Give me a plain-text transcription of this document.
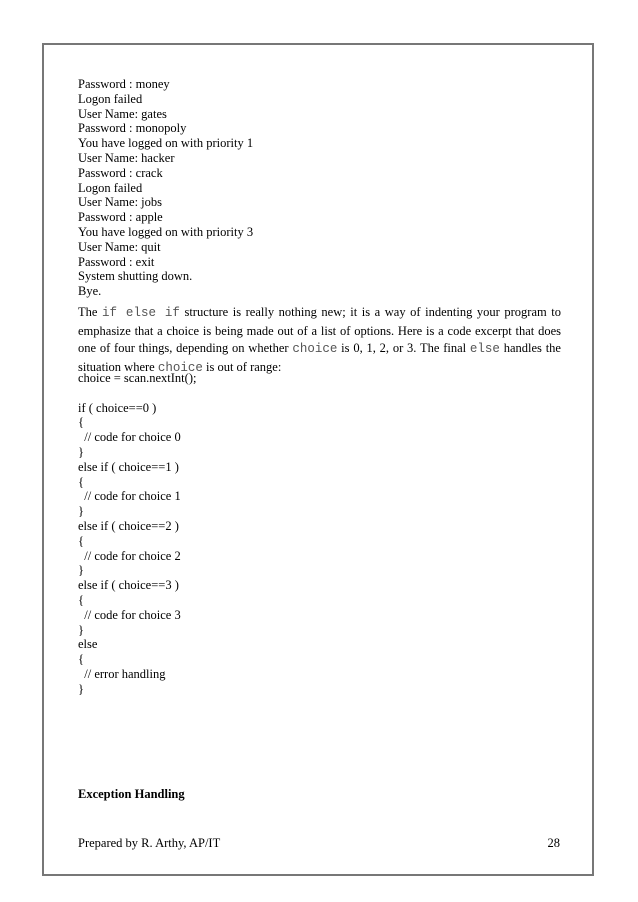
Password : money
Logon failed
User Name: gates
Password : monopoly
You have logged on with priority 1
User Name: hacker
Password : crack
Logon failed
User Name: jobs
Password : apple
You have logged on with priority 3
User Name: quit
Password : exit
System shutting down.
Bye.
The if else if structure is really nothing new; it is a way of indenting your program to emphasize that a choice is being made out of a list of options. Here is a code excerpt that does one of four things, depending on whether choice is 0, 1, 2, or 3. The final else handles the situation where choice is out of range:
choice = scan.nextInt();
if ( choice==0 )
{
// code for choice 0
}
else if ( choice==1 )
{
// code for choice 1
}
else if ( choice==2 )
{
// code for choice 2
}
else if ( choice==3 )
{
// code for choice 3
}
else
{
// error handling
}
Exception Handling
Prepared by R. Arthy, AP/IT	28
